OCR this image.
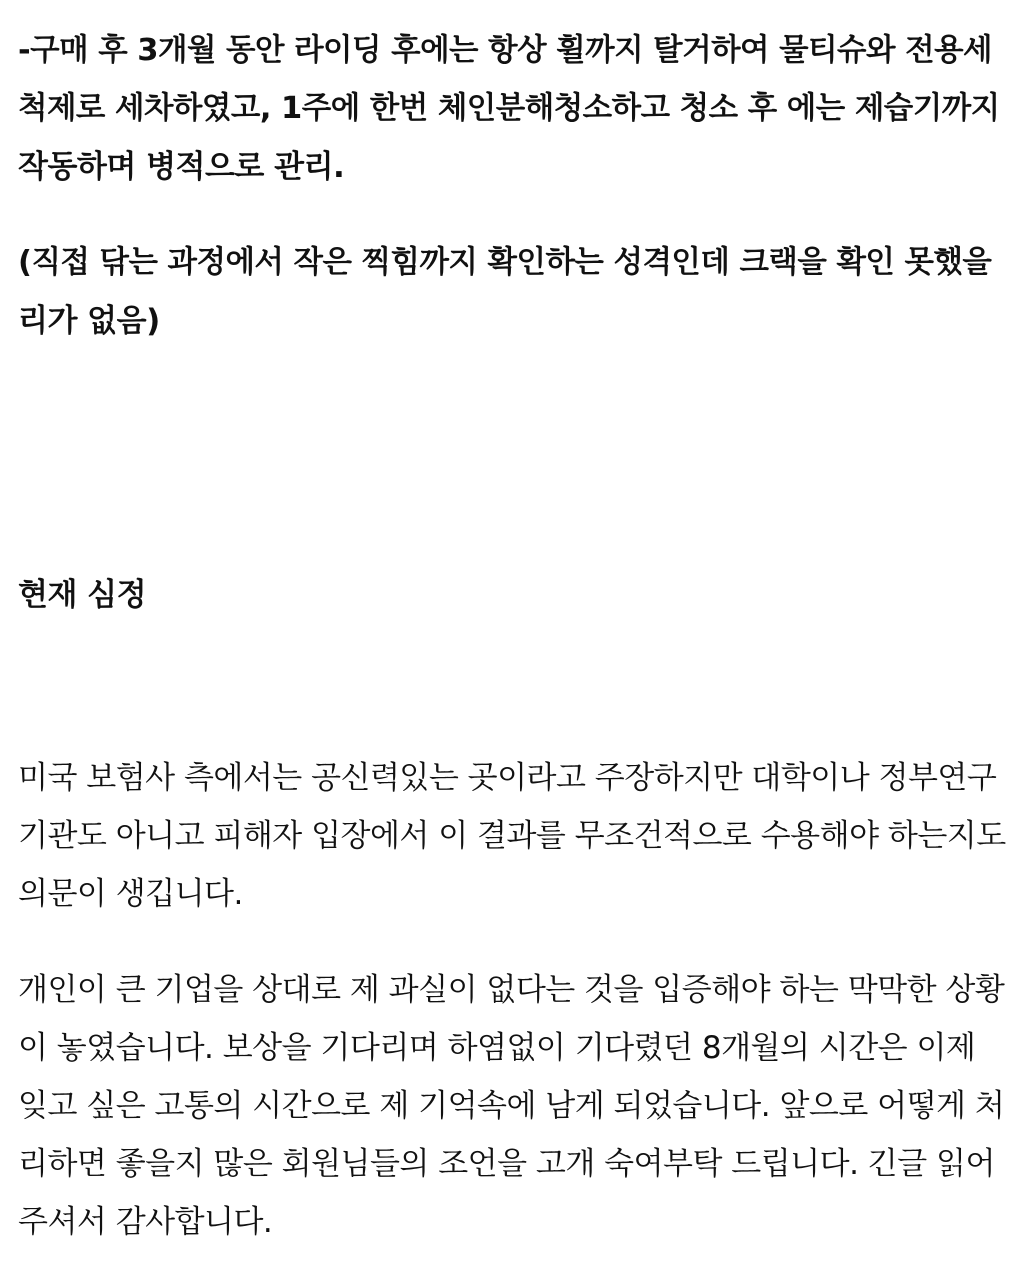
-구매 후 3개월 동안 라이딩 후에는 항상 휠까지 탈거하여 물티슈와 전용세
척제로 세차하였고, 1주에 한번 체인분해청소하고 청소 후 에는 제습기까지
작동하며 병적으로 관리.
(직접 닦는 과정에서 작은 찍힘까지 확인하는 성격인데 크랙을 확인 못했을
리가 없음)
현재 심정
미국 보험사 측에서는 공신력있는 곳이라고 주장하지만 대학이나 정부연구
기관도 아니고 피해자 입장에서 이 결과를 무조건적으로 수용해야 하는지도
의문이 생깁니다.
개인이 큰 기업을 상대로 제 과실이 없다는 것을 입증해야 하는 막막한 상황
이 놓였습니다. 보상을 기다리며 하염없이 기다렸던 8개월의 시간은 이제
잊고 싶은 고통의 시간으로 제 기억속에 남게 되었습니다. 앞으로 어떻게 처
리하면 좋을지 많은 회원님들의 조언을 고개 숙여부탁 드립니다. 긴글 읽어
주셔서 감사합니다.
